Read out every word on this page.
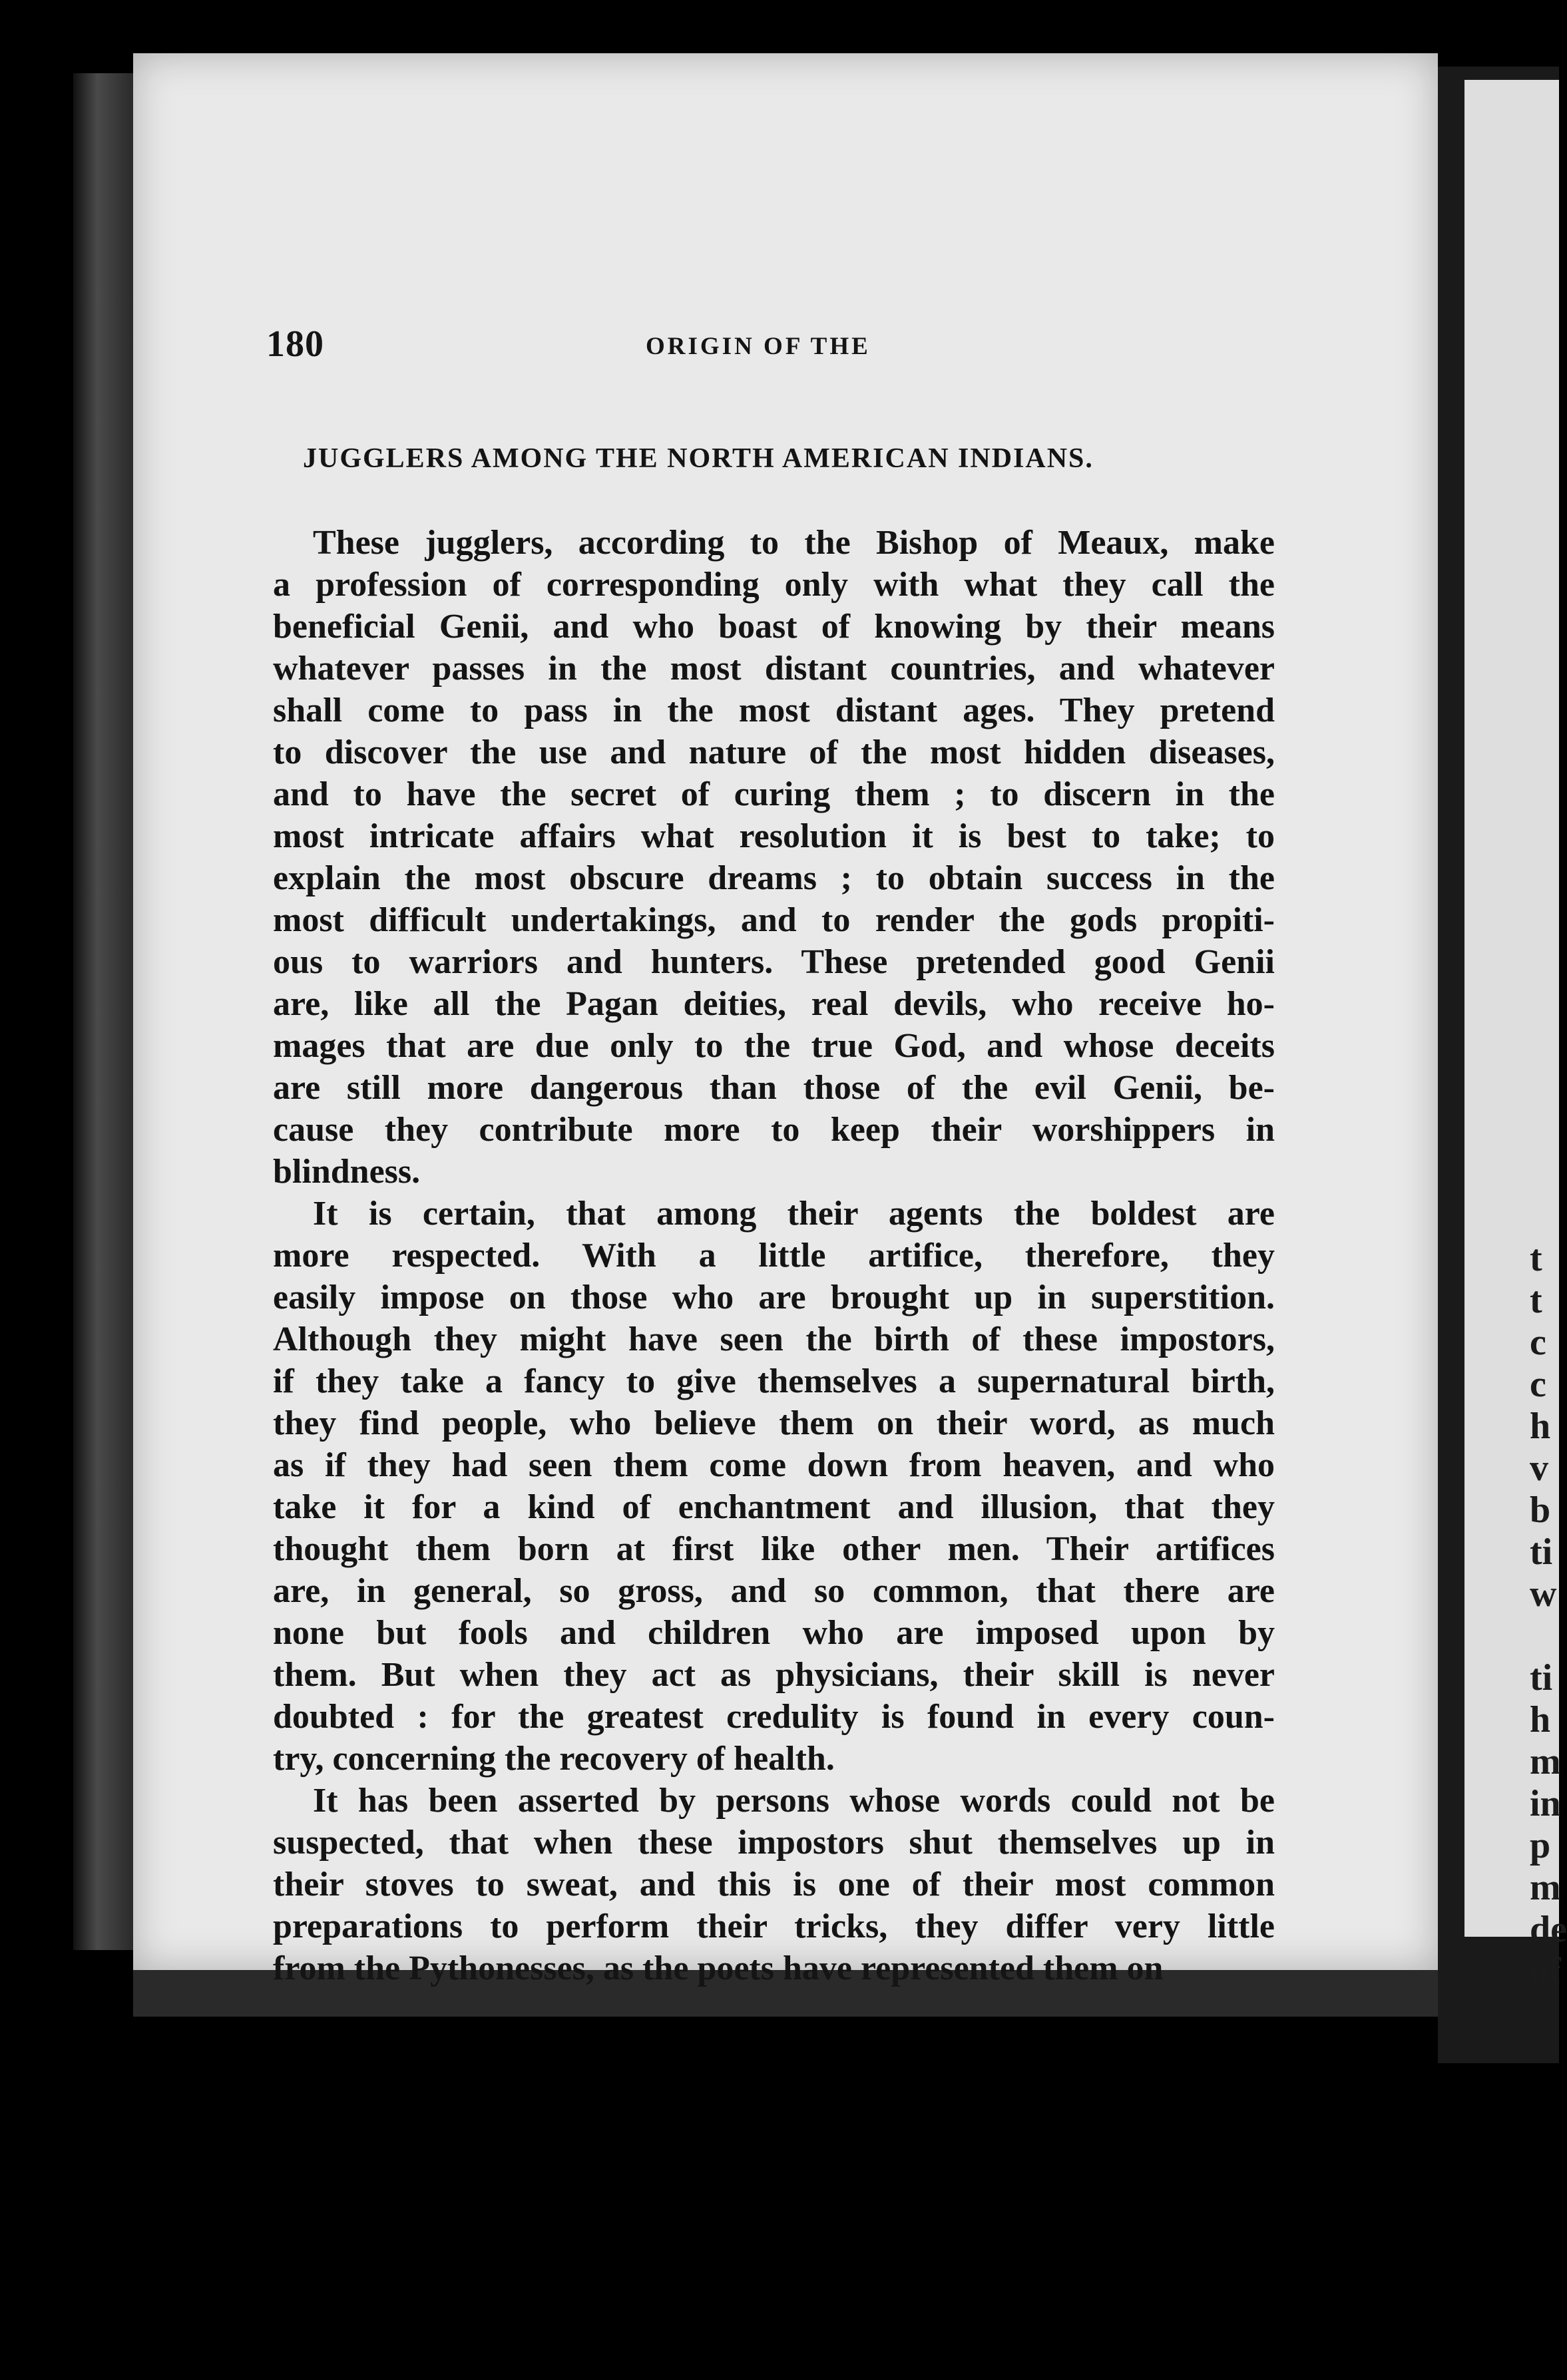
t
t
c
c
h
v
b
ti
w

ti
h
m
in
p
m
de
of
180	ORIGIN OF THE
JUGGLERS AMONG THE NORTH AMERICAN INDIANS.
These jugglers, according to the Bishop of Meaux, make
a profession of corresponding only with what they call the
beneficial Genii, and who boast of knowing by their means
whatever passes in the most distant countries, and whatever
shall come to pass in the most distant ages. They pretend
to discover the use and nature of the most hidden diseases,
and to have the secret of curing them ; to discern in the
most intricate affairs what resolution it is best to take; to
explain the most obscure dreams ; to obtain success in the
most difficult undertakings, and to render the gods propiti-
ous to warriors and hunters. These pretended good Genii
are, like all the Pagan deities, real devils, who receive ho-
mages that are due only to the true God, and whose deceits
are still more dangerous than those of the evil Genii, be-
cause they contribute more to keep their worshippers in
blindness.
It is certain, that among their agents the boldest are
more respected. With a little artifice, therefore, they
easily impose on those who are brought up in superstition.
Although they might have seen the birth of these impostors,
if they take a fancy to give themselves a supernatural birth,
they find people, who believe them on their word, as much
as if they had seen them come down from heaven, and who
take it for a kind of enchantment and illusion, that they
thought them born at first like other men. Their artifices
are, in general, so gross, and so common, that there are
none but fools and children who are imposed upon by
them. But when they act as physicians, their skill is never
doubted : for the greatest credulity is found in every coun-
try, concerning the recovery of health.
It has been asserted by persons whose words could not be
suspected, that when these impostors shut themselves up in
their stoves to sweat, and this is one of their most common
preparations to perform their tricks, they differ very little
from the Pythonesses, as the poets have represented them on
